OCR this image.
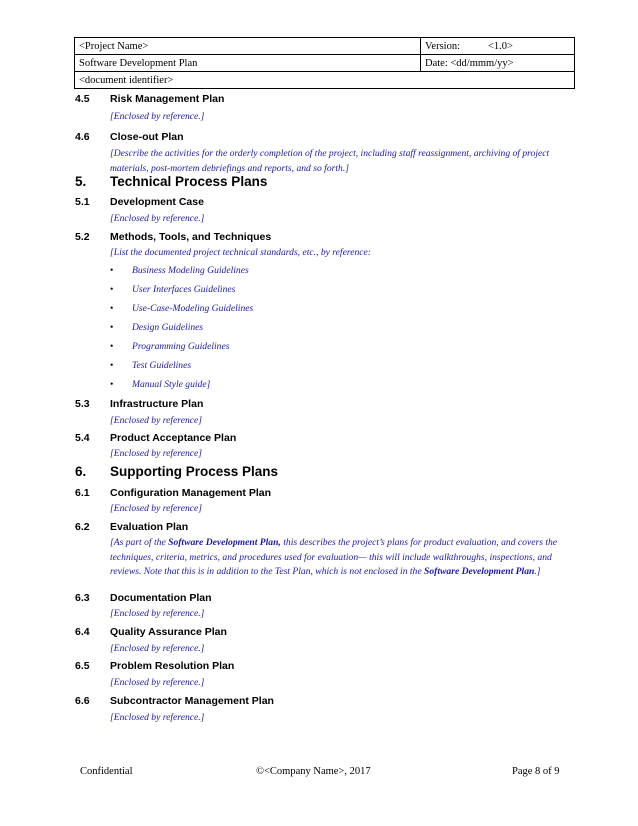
<Project Name>	Version: <1.0>
Software Development Plan	Date: <dd/mmm/yy>
<document identifier>	
4.5 Risk Management Plan
[Enclosed by reference.]
4.6 Close-out Plan
[Describe the activities for the orderly completion of the project, including staff reassignment, archiving of project materials, post-mortem debriefings and reports, and so forth.]
5. Technical Process Plans
5.1 Development Case
[Enclosed by reference.]
5.2 Methods, Tools, and Techniques
[List the documented project technical standards, etc., by reference:
• Business Modeling Guidelines
• User Interfaces Guidelines
• Use-Case-Modeling Guidelines
• Design Guidelines
• Programming Guidelines
• Test Guidelines
• Manual Style guide]
5.3 Infrastructure Plan
[Enclosed by reference]
5.4 Product Acceptance Plan
[Enclosed by reference]
6. Supporting Process Plans
6.1 Configuration Management Plan
[Enclosed by reference]
6.2 Evaluation Plan
[As part of the Software Development Plan, this describes the project’s plans for product evaluation, and covers the techniques, criteria, metrics, and procedures used for evaluation— this will include walkthroughs, inspections, and reviews. Note that this is in addition to the Test Plan, which is not enclosed in the Software Development Plan.]
6.3 Documentation Plan
[Enclosed by reference.]
6.4 Quality Assurance Plan
[Enclosed by reference.]
6.5 Problem Resolution Plan
[Enclosed by reference.]
6.6 Subcontractor Management Plan
[Enclosed by reference.]
Confidential	©<Company Name>, 2017	Page 8 of 9
